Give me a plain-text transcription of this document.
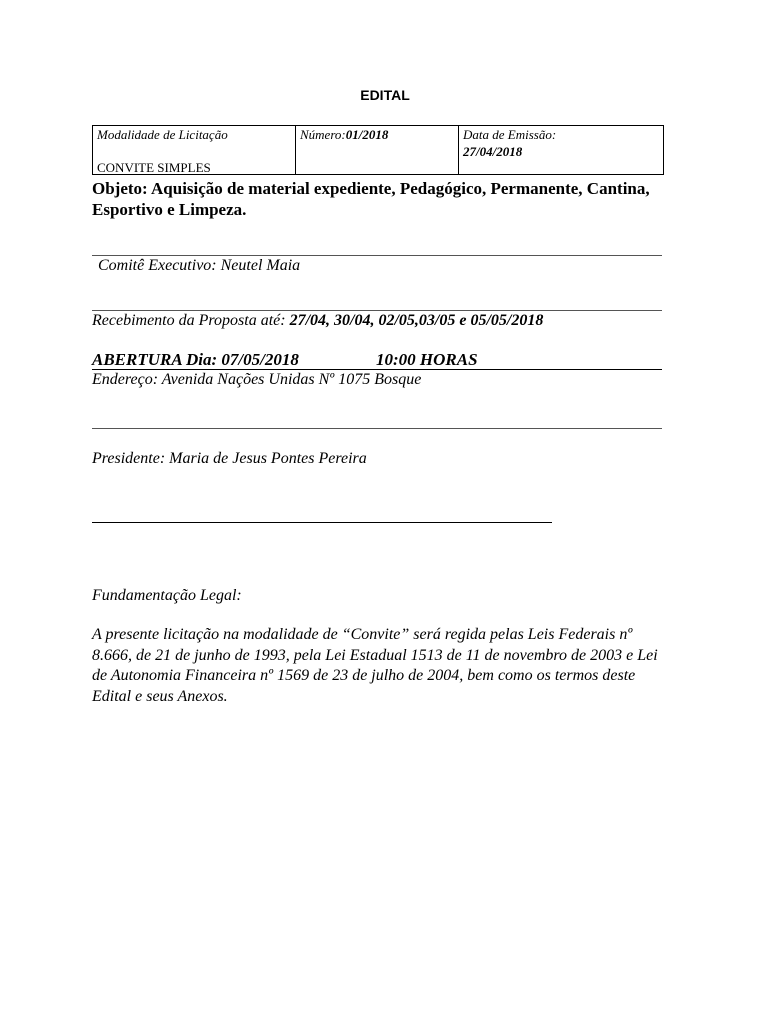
EDITAL
Modalidade de Licitação
CONVITE SIMPLES
Número:01/2018	Data de Emissão:
27/04/2018
Objeto: Aquisição de material expediente, Pedagógico, Permanente, Cantina, Esportivo e Limpeza.
Comitê Executivo: Neutel Maia
Recebimento da Proposta até: 27/04, 30/04, 02/05,03/05 e 05/05/2018
ABERTURA Dia: 07/05/2018	10:00 HORAS
Endereço: Avenida Nações Unidas Nº 1075 Bosque
Presidente: Maria de Jesus Pontes Pereira
Fundamentação Legal:
A presente licitação na modalidade de “Convite” será regida pelas Leis Federais nº 8.666, de 21 de junho de 1993, pela Lei Estadual 1513 de 11 de novembro de 2003 e Lei de Autonomia Financeira nº 1569 de 23 de julho de 2004, bem como os termos deste Edital e seus Anexos.
